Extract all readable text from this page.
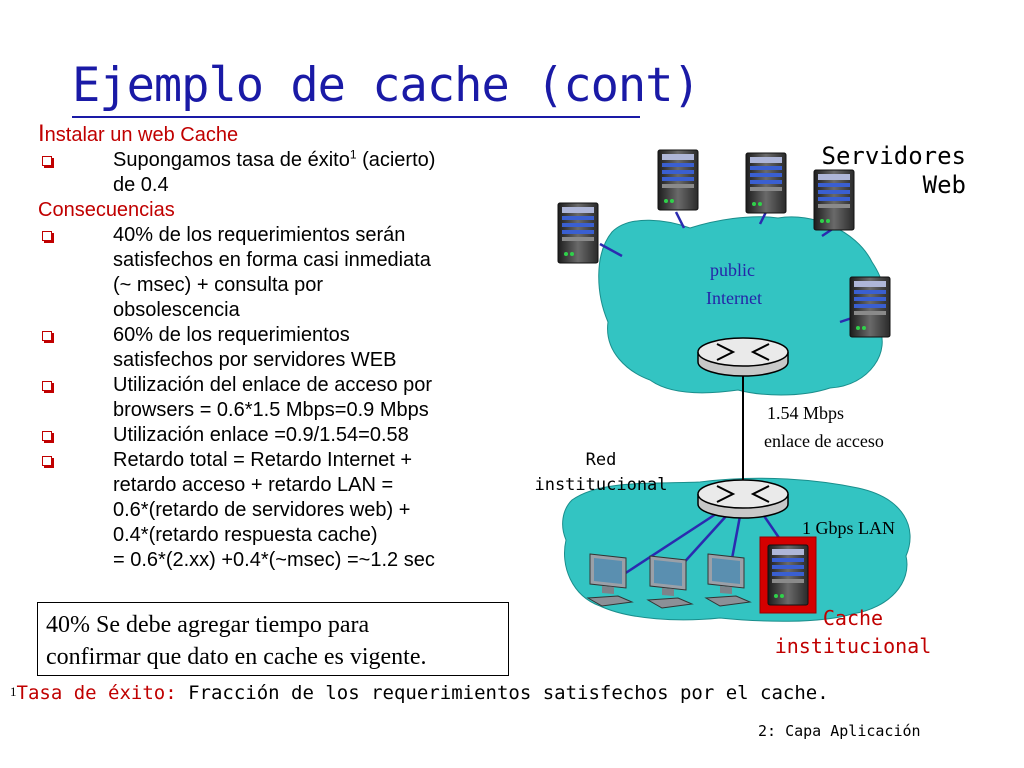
Ejemplo de cache (cont)
Instalar un web Cache
Supongamos tasa de éxito$^1$ (acierto)
de 0.4
Consecuencias
40% de los requerimientos serán
satisfechos en forma casi inmediata
(~ msec) + consulta por
obsolescencia
60% de los requerimientos
satisfechos por servidores WEB
Utilización del enlace de acceso por
browsers = 0.6*1.5 Mbps=0.9 Mbps
Utilización enlace =0.9/1.54=0.58
Retardo total = Retardo Internet +
retardo acceso + retardo LAN =
0.6*(retardo de servidores web) +
0.4*(retardo respuesta cache)
= 0.6*(2.xx) +0.4*(~msec) =~1.2 sec
40% Se debe agregar tiempo para
confirmar que dato en cache es vigente.
$^1$Tasa de éxito: Fracción de los requerimientos satisfechos por el cache.
2: Capa Aplicación
Servidores
Web
public
Internet
1.54 Mbps
enlace de acceso
Red
institucional
1 Gbps LAN
Cache
institucional
